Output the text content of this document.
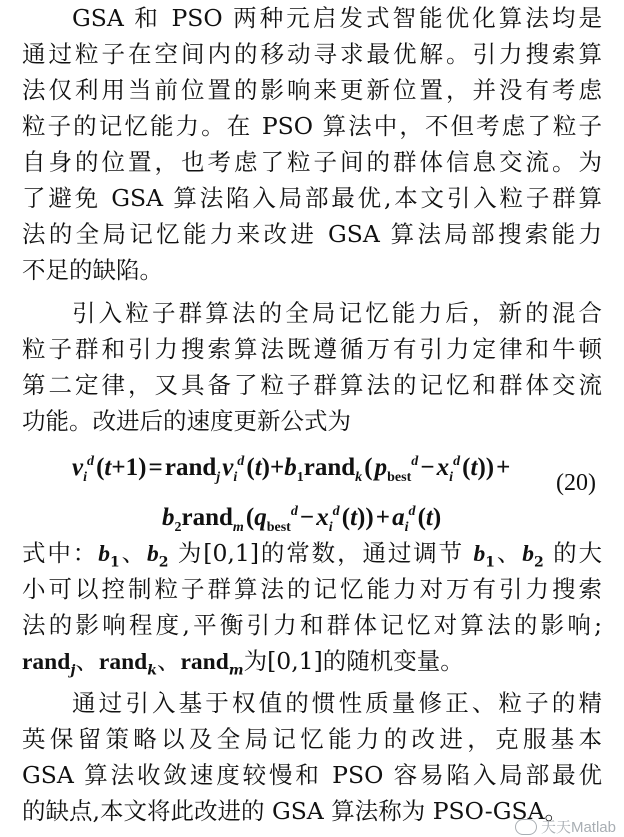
GSA 和 PSO 两种元启发式智能优化算法均是
通过粒子在空间内的移动寻求最优解。引力搜索算
法仅利用当前位置的影响来更新位置，并没有考虑
粒子的记忆能力。在 PSO 算法中，不但考虑了粒子
自身的位置，也考虑了粒子间的群体信息交流。为
了避免 GSA 算法陷入局部最优,本文引入粒子群算
法的全局记忆能力来改进 GSA 算法局部搜索能力
不足的缺陷。
引入粒子群算法的全局记忆能力后，新的混合
粒子群和引力搜索算法既遵循万有引力定律和牛顿
第二定律，又具备了粒子群算法的记忆和群体交流
功能。改进后的速度更新公式为
$v_i^d$ (t+1) = rand$_j$ $v_i^d$ $(t)+b_1rand_k$ ( $p_{best}^d$ − $x_i^d$ (t)) +
$b_2rand_m$ ($q_{best}^d$ − $x_i^d$ (t)) + $a_i^d$ (t)
(20)
式中：$b_1$、$b_2$ 为[0,1]的常数，通过调节 $b_1$、$b_2$ 的大
小可以控制粒子群算法的记忆能力对万有引力搜索
法的影响程度,平衡引力和群体记忆对算法的影响;
rand$_j$、rand$_k$、rand$_m$为[0,1]的随机变量。
通过引入基于权值的惯性质量修正、粒子的精
英保留策略以及全局记忆能力的改进，克服基本
GSA 算法收敛速度较慢和 PSO 容易陷入局部最优
的缺点,本文将此改进的 GSA 算法称为 PSO-GSA。
天天Matlab
